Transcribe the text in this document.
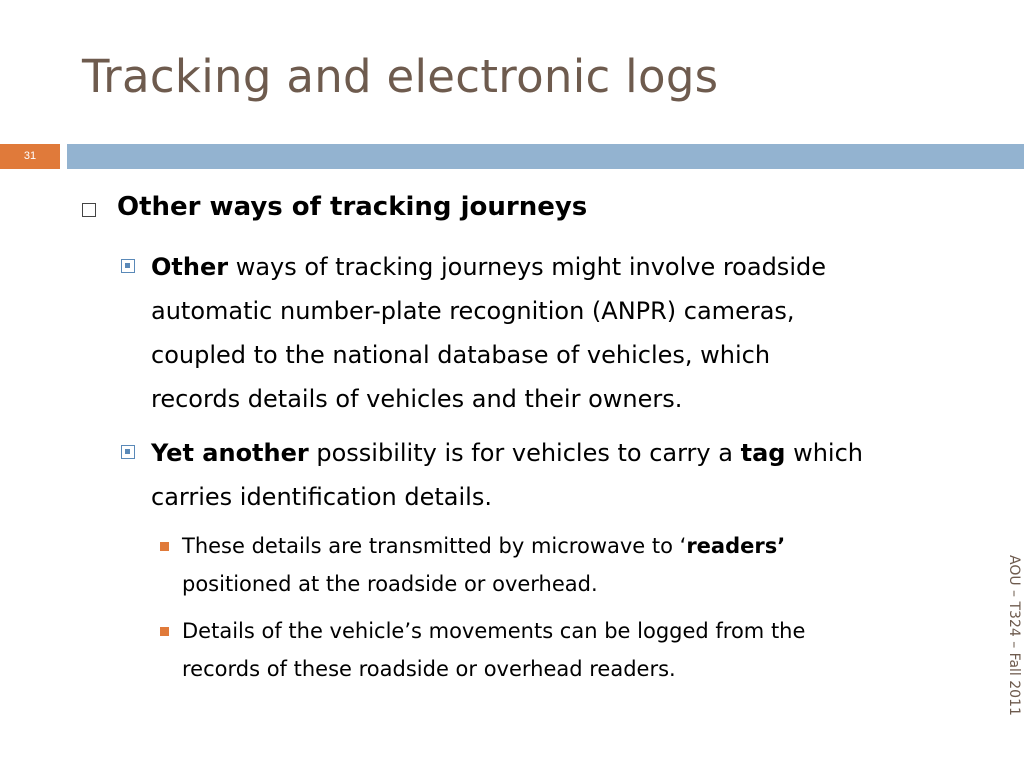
Tracking and electronic logs
31
Other ways of tracking journeys
Other ways of tracking journeys might involve roadside
automatic number-plate recognition (ANPR) cameras,
coupled to the national database of vehicles, which
records details of vehicles and their owners.
Yet another possibility is for vehicles to carry a tag which
carries identification details.
These details are transmitted by microwave to ‘readers’
positioned at the roadside or overhead.
Details of the vehicle’s movements can be logged from the
records of these roadside or overhead readers.	AOU – T324 – Fall 2011
